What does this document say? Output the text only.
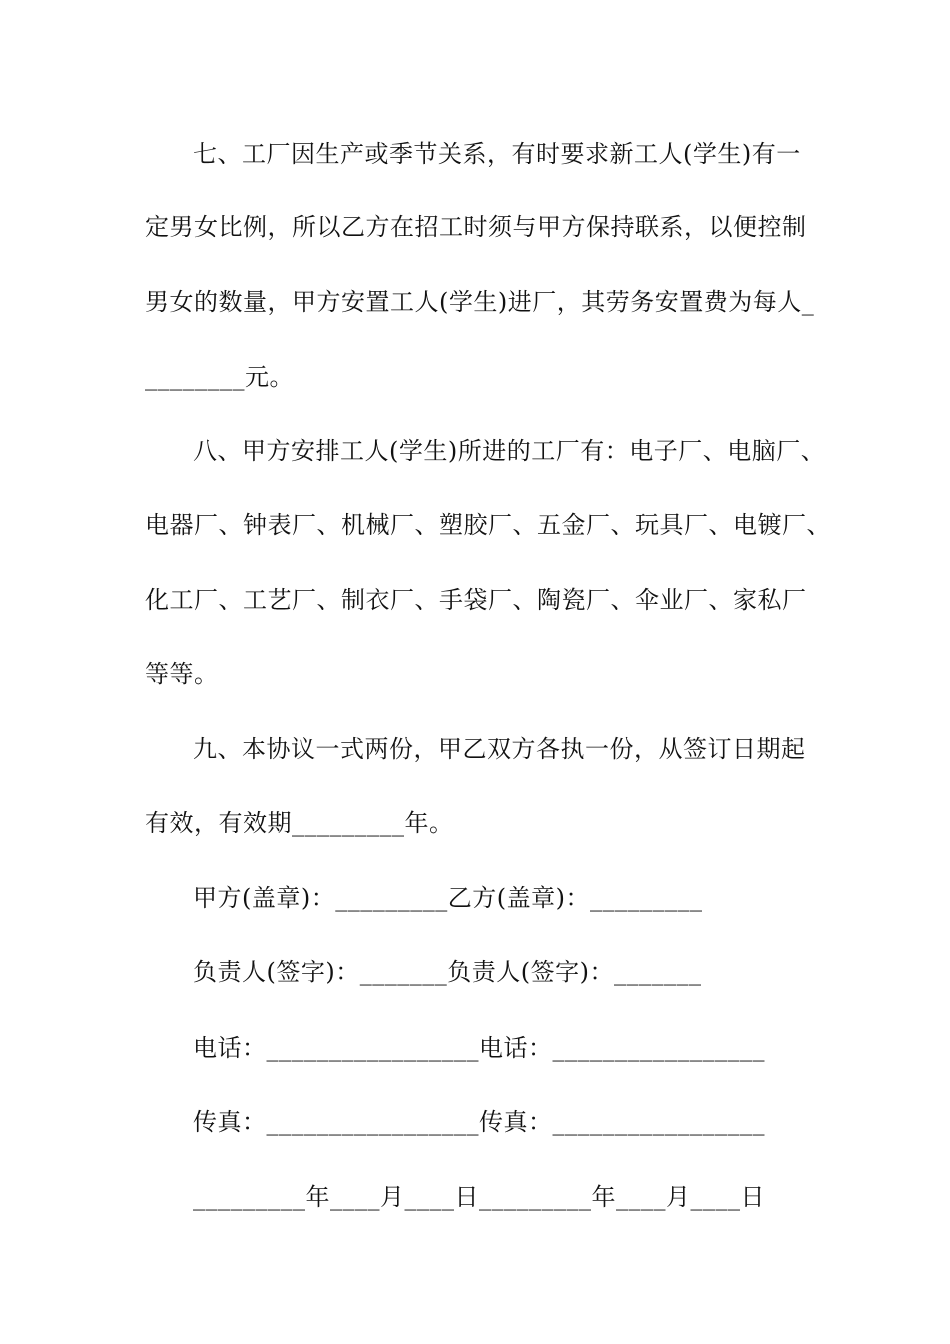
七、工厂因生产或季节关系，有时要求新工人(学生)有一
定男女比例，所以乙方在招工时须与甲方保持联系，以便控制
男女的数量，甲方安置工人(学生)进厂，其劳务安置费为每人_
________元。
八、甲方安排工人(学生)所进的工厂有：电子厂、电脑厂、
电器厂、钟表厂、机械厂、塑胶厂、五金厂、玩具厂、电镀厂、
化工厂、工艺厂、制衣厂、手袋厂、陶瓷厂、伞业厂、家私厂
等等。
九、本协议一式两份，甲乙双方各执一份，从签订日期起
有效，有效期_________年。
甲方(盖章)：_________乙方(盖章)：_________
负责人(签字)：_______负责人(签字)：_______
电话：_________________电话：_________________
传真：_________________传真：_________________
_________年____月____日_________年____月____日
